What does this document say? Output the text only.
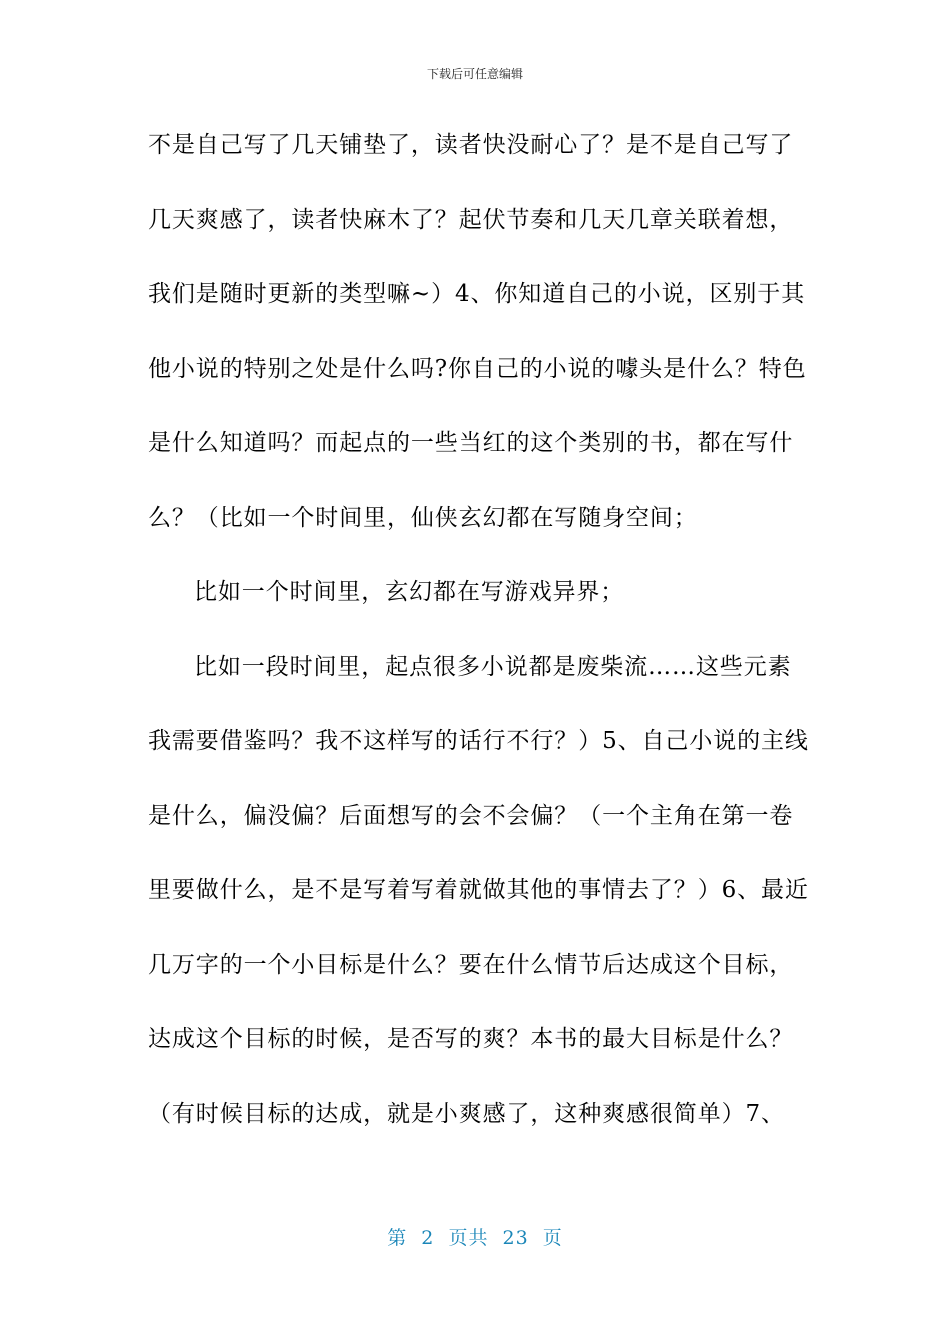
下载后可任意编辑
不是自己写了几天铺垫了，读者快没耐心了？是不是自己写了
几天爽感了，读者快麻木了？起伏节奏和几天几章关联着想，
我们是随时更新的类型嘛~）4、你知道自己的小说，区别于其
他小说的特别之处是什么吗?你自己的小说的噱头是什么？特色
是什么知道吗？而起点的一些当红的这个类别的书，都在写什
么？（比如一个时间里，仙侠玄幻都在写随身空间；
比如一个时间里，玄幻都在写游戏异界；
比如一段时间里，起点很多小说都是废柴流……这些元素
我需要借鉴吗？我不这样写的话行不行？）5、自己小说的主线
是什么，偏没偏？后面想写的会不会偏？（一个主角在第一卷
里要做什么，是不是写着写着就做其他的事情去了？）6、最近
几万字的一个小目标是什么？要在什么情节后达成这个目标，
达成这个目标的时候，是否写的爽？本书的最大目标是什么？
（有时候目标的达成，就是小爽感了，这种爽感很简单）7、
第  2  页共  23  页
